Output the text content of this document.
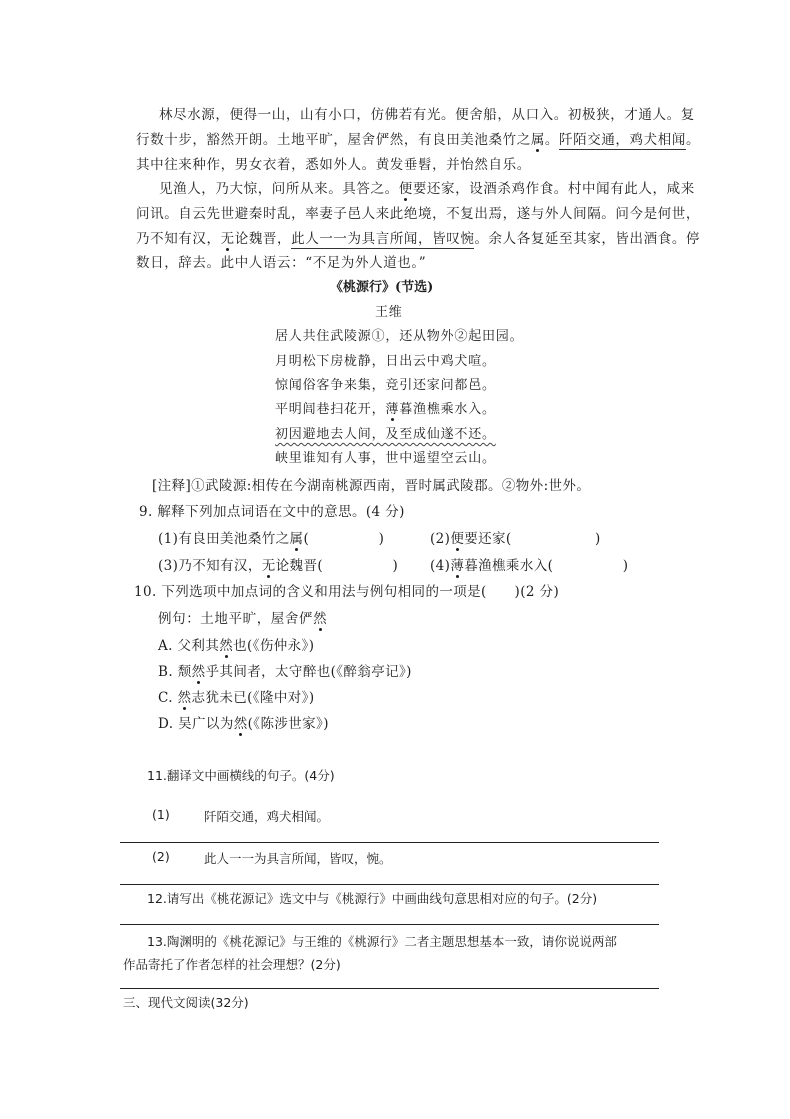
林尽水源，便得一山，山有小口，仿佛若有光。便舍船，从口入。初极狭，才通人。复
行数十步，豁然开朗。土地平旷，屋舍俨然，有良田美池桑竹之属。阡陌交通，鸡犬相闻。
其中往来种作，男女衣着，悉如外人。黄发垂髫，并怡然自乐。
见渔人，乃大惊，问所从来。具答之。便要还家，设酒杀鸡作食。村中闻有此人，咸来
问讯。自云先世避秦时乱，率妻子邑人来此绝境，不复出焉，遂与外人间隔。问今是何世，
乃不知有汉，无论魏晋，此人一一为具言所闻，皆叹惋。余人各复延至其家，皆出酒食。停
数日，辞去。此中人语云：“不足为外人道也。”
《桃源行》(节选)
王维
居人共住武陵源①，还从物外②起田园。
月明松下房栊静，日出云中鸡犬喧。
惊闻俗客争来集，竞引还家问都邑。
平明闾巷扫花开，薄暮渔樵乘水入。
初因避地去人间，及至成仙遂不还。
峡里谁知有人事，世中遥望空云山。
[注释]①武陵源:相传在今湖南桃源西南，晋时属武陵郡。②物外:世外。
9. 解释下列加点词语在文中的意思。(4 分)
(1)有良田美池桑竹之属(　　　　　)	(2)便要还家(　　　　　　)
(3)乃不知有汉，无论魏晋(　　　　　) (4)薄暮渔樵乘水入(　　　　　)
10. 下列选项中加点词的含义和用法与例句相同的一项是(　　)(2 分)
例句：土地平旷，屋舍俨然
A. 父利其然也(《伤仲永》)
B. 颓然乎其间者，太守醉也(《醉翁亭记》)
C. 然志犹未已(《隆中对》)
D. 吴广以为然(《陈涉世家》)
11.翻译文中画横线的句子。(4分)
(1)	阡陌交通，鸡犬相闻。
(2)	此人一一为具言所闻，皆叹，惋。
12.请写出《桃花源记》选文中与《桃源行》中画曲线句意思相对应的句子。(2分)
13.陶渊明的《桃花源记》与王维的《桃源行》二者主题思想基本一致，请你说说两部
作品寄托了作者怎样的社会理想？(2分)
三、现代文阅读(32分)
